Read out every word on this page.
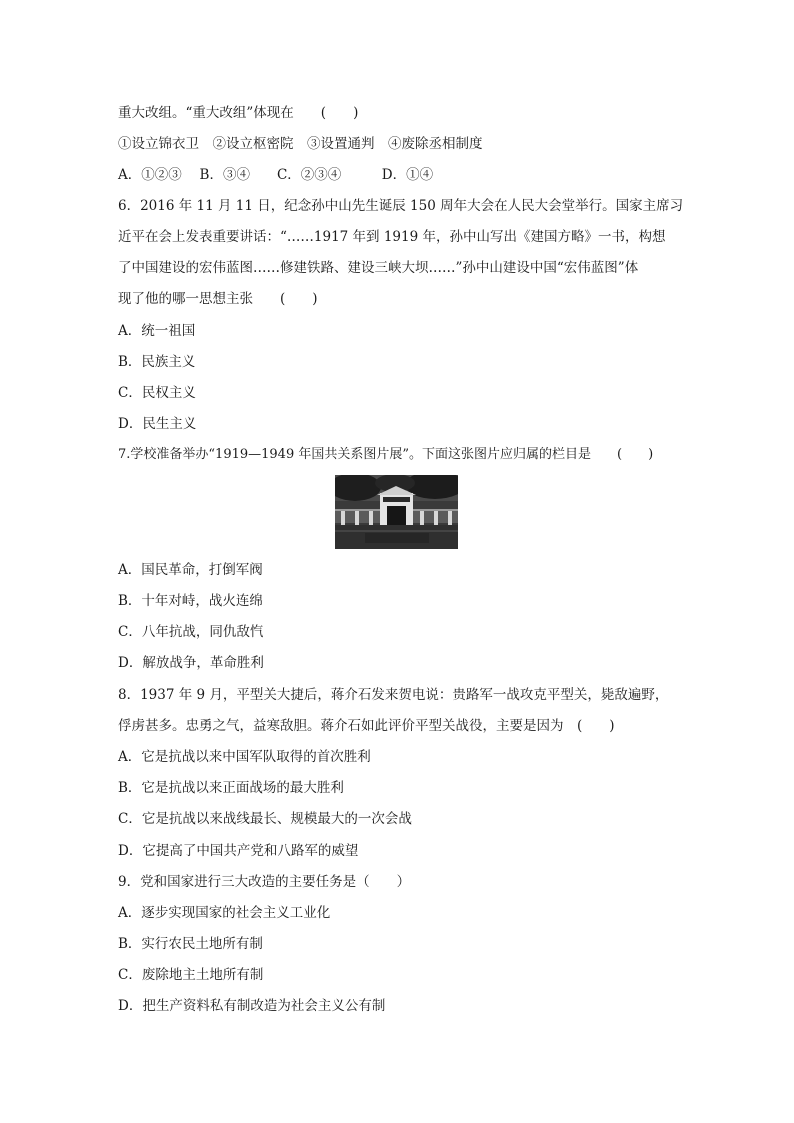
重大改组。“重大改组”体现在　　(　　)
①设立锦衣卫　②设立枢密院　③设置通判　④废除丞相制度
A．①②③　 B．③④　　C．②③④　　　D．①④
6．2016 年 11 月 11 日，纪念孙中山先生诞辰 150 周年大会在人民大会堂举行。国家主席习
近平在会上发表重要讲话：“……1917 年到 1919 年，孙中山写出《建国方略》一书，构想
了中国建设的宏伟蓝图……修建铁路、建设三峡大坝……”孙中山建设中国“宏伟蓝图”体
现了他的哪一思想主张　　(　　)
A．统一祖国
B．民族主义
C．民权主义
D．民生主义
7.学校准备举办“1919—1949 年国共关系图片展”。下面这张图片应归属的栏目是　　(　　)
A．国民革命，打倒军阀
B．十年对峙，战火连绵
C．八年抗战，同仇敌忾
D．解放战争，革命胜利
8．1937 年 9 月，平型关大捷后，蒋介石发来贺电说：贵路军一战攻克平型关，毙敌遍野，
俘虏甚多。忠勇之气，益寒敌胆。蒋介石如此评价平型关战役，主要是因为　(　　)
A．它是抗战以来中国军队取得的首次胜利
B．它是抗战以来正面战场的最大胜利
C．它是抗战以来战线最长、规模最大的一次会战
D．它提高了中国共产党和八路军的威望
9．党和国家进行三大改造的主要任务是（　　）
A．逐步实现国家的社会主义工业化
B．实行农民土地所有制
C．废除地主土地所有制
D．把生产资料私有制改造为社会主义公有制
